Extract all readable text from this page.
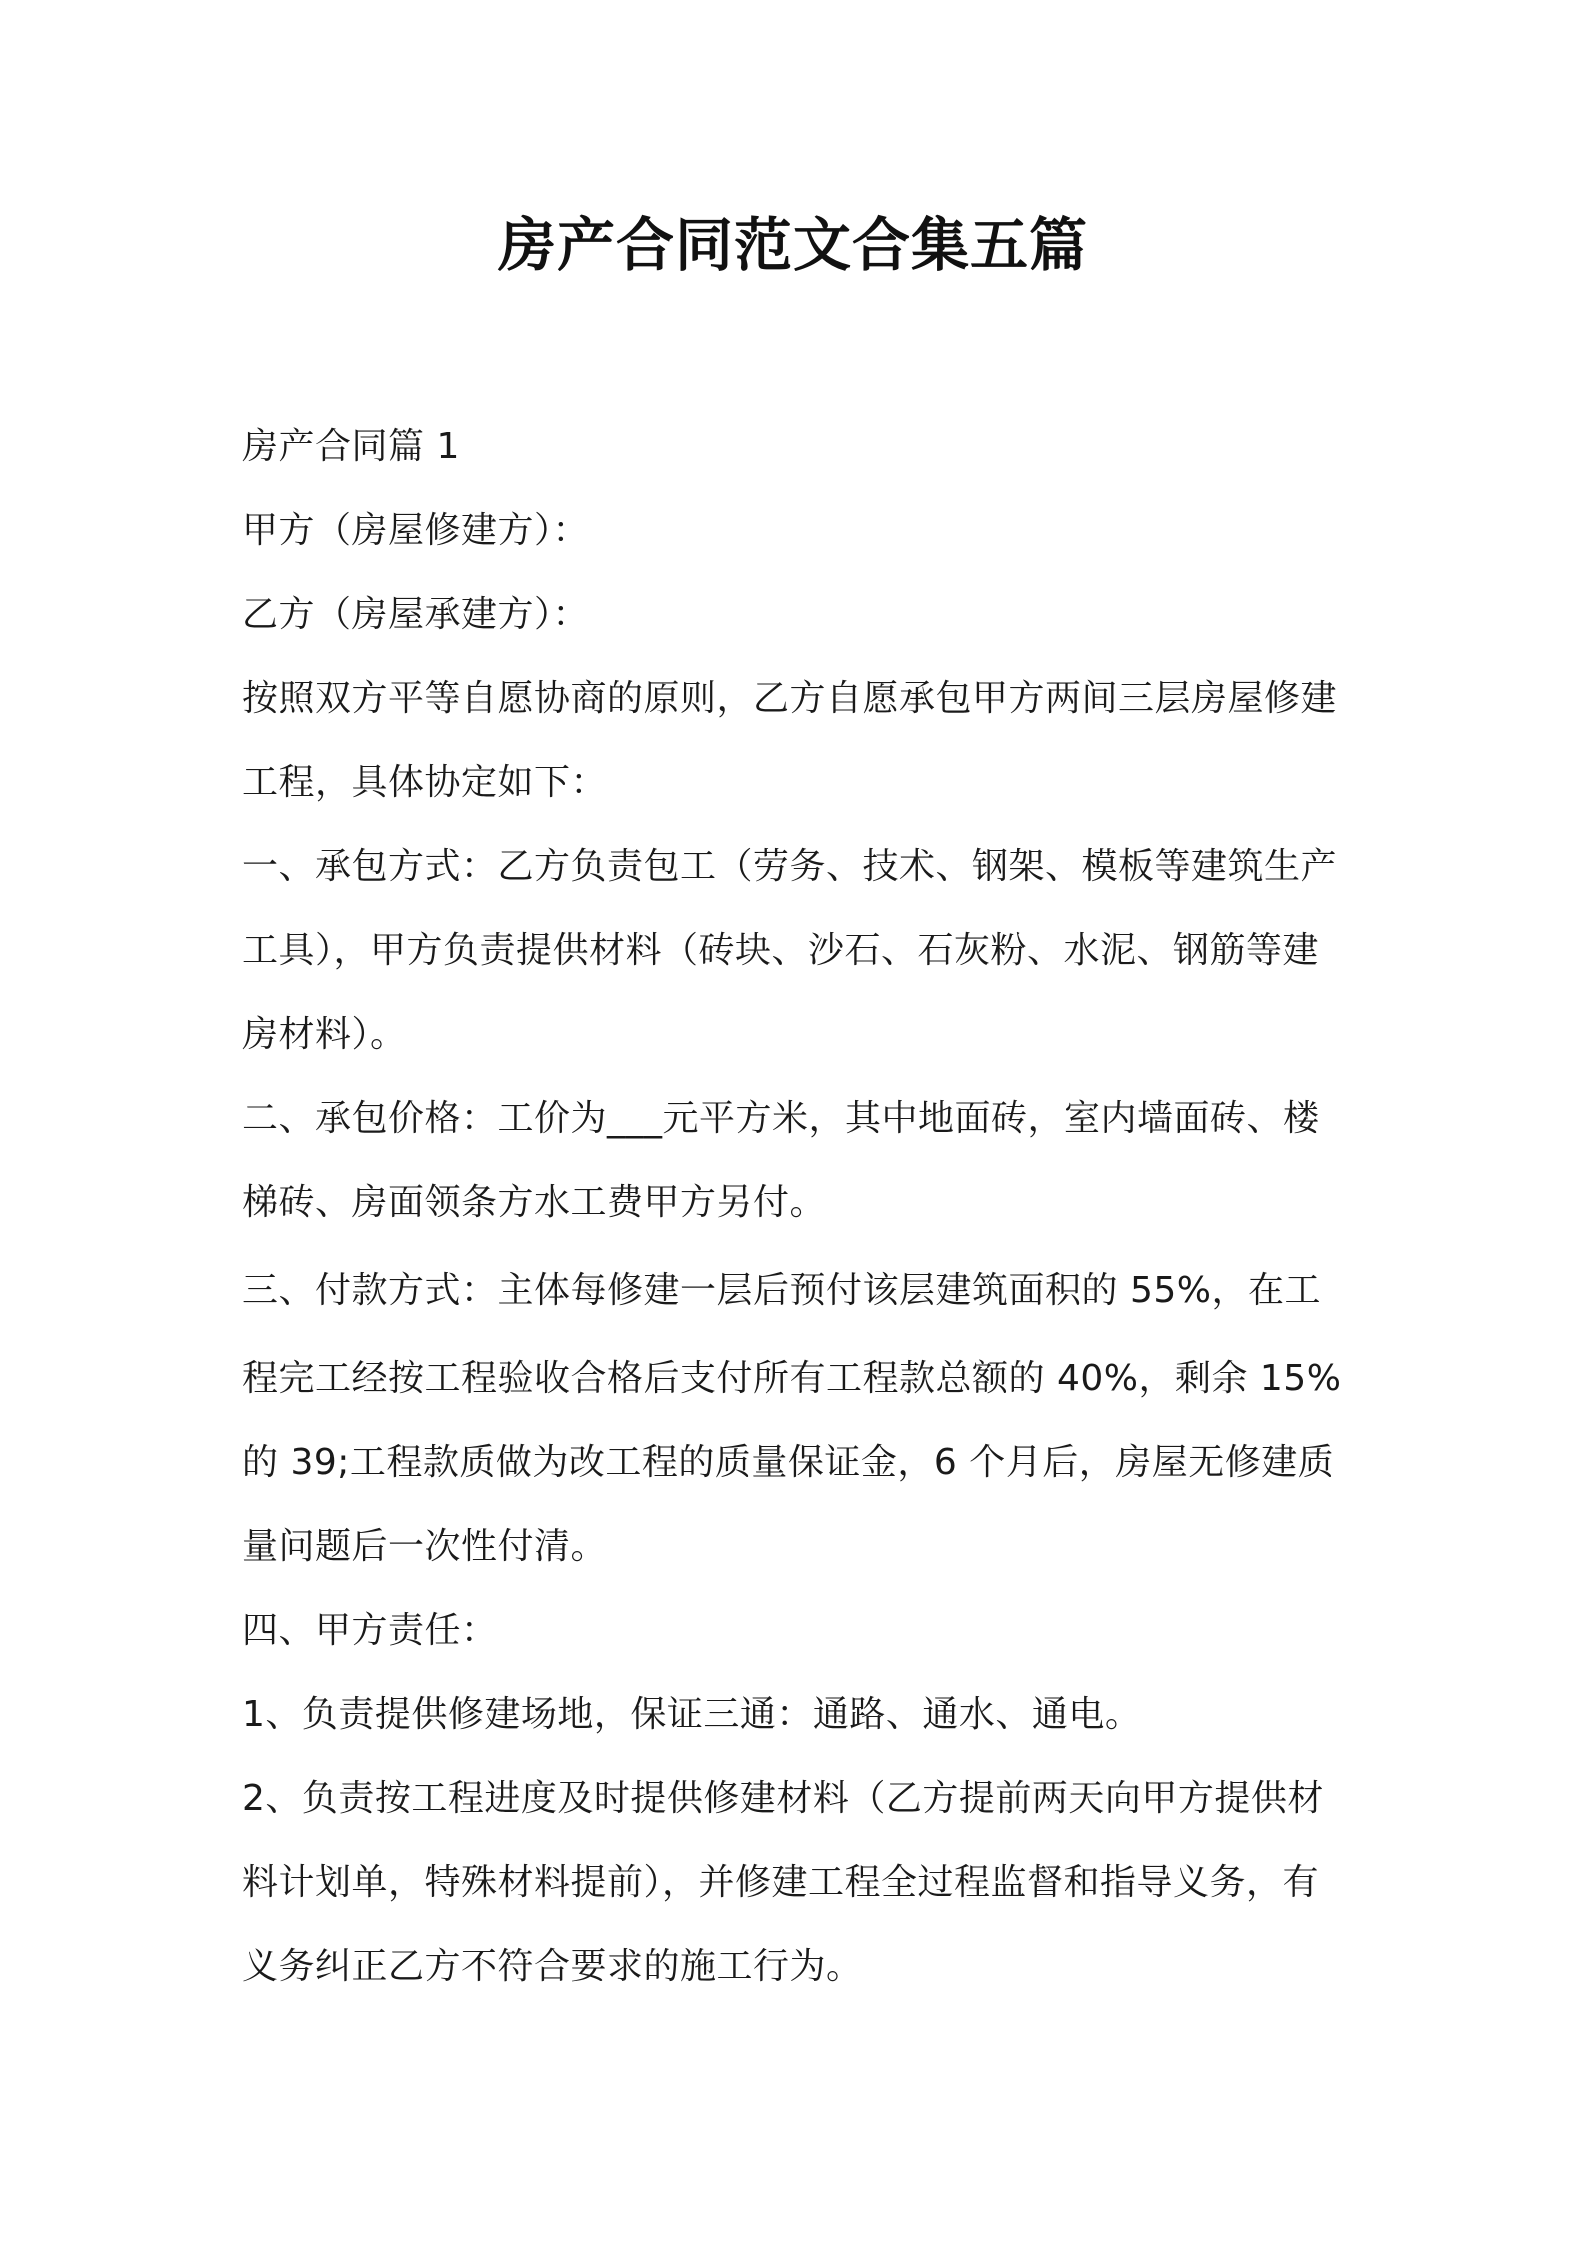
房产合同范文合集五篇
房产合同篇 1
甲方（房屋修建方）：
乙方（房屋承建方）：
按照双方平等自愿协商的原则，乙方自愿承包甲方两间三层房屋修建
工程，具体协定如下：
一、承包方式：乙方负责包工（劳务、技术、钢架、模板等建筑生产
工具），甲方负责提供材料（砖块、沙石、石灰粉、水泥、钢筋等建
房材料）。
二、承包价格：工价为___元平方米，其中地面砖，室内墙面砖、楼
梯砖、房面领条方水工费甲方另付。
三、付款方式：主体每修建一层后预付该层建筑面积的 55%，在工
程完工经按工程验收合格后支付所有工程款总额的 40%，剩余 15%
的 39;工程款质做为改工程的质量保证金，6 个月后，房屋无修建质
量问题后一次性付清。
四、甲方责任：
1、负责提供修建场地，保证三通：通路、通水、通电。
2、负责按工程进度及时提供修建材料（乙方提前两天向甲方提供材
料计划单，特殊材料提前），并修建工程全过程监督和指导义务，有
义务纠正乙方不符合要求的施工行为。
